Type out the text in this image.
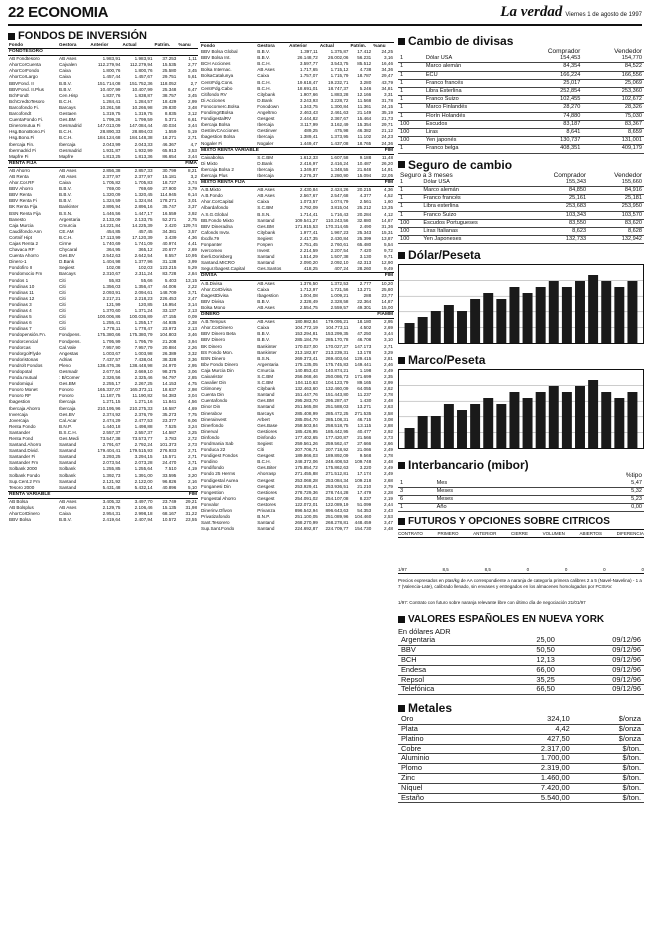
22 ECONOMIA	La verdad Viernes 1 de agosto de 1997
FONDOS DE INVERSIÓN
Fondo	Gestora	Anterior	Actual	Patrim.	%anu
FONDTESORO					
AB Fondtesoro	AB Ases	1.983,91	1.983,91	37.253	1,11
AhorCorCuenta	Cajvalen	112.279,94	112.279,94	15.535	2,77
AhorCorFondo	Caixa	1.800,76	1.800,76	25.580	3,45
AhorCorLargo	Caixa	1.457,44	1.457,67	29.751	5,61
BBVFond. II	B.B.V.	151.714,08	151.752,36	118.052	2,7
BBVFond. II.Plus	B.B.V.	10.407,99	10.407,99	25.348	6,47
BchFondt	Cen.Hisp	1.837,76	1.838,87	38.757	3,45
BchCredtoTesoro	B.C.H.	1.284,41	1.284,57	18.429	2,99
Barcofondo Fi.	Barcays	10.261,58	10.266,98	29.830	3,48
Barcofondt	Gestaen	1.319,75	1.319,75	8.835	3,12
CuentaFondo Fi.	Ges.BM	1.799,26	1.799,59	5.371	6,61
Dineromutua Fi	Gesmadrid	147.013,09	147.084,44	40.034	3,44
Hsg.BonoBono.Fi	B.C.H.	28.890,33	28.894,03	1.559	5,19
Hsg.Bono.Fi	B.C.H.	184.124,68	184.148,38	18.271	2,71
Ibercaja Fin.	Ibercaja	2.043,99	2.043,33	46.367	4,7
Ibermadrid Fi	Gesmadrid	1.931,87	1.932,99	65.913	3,53
Mapfre Fi	Mapfre	1.813,25	1.813,36	86.654	3,44
RENTA FIJA					FIMA
AB Ahorro	AB Ases	2.856,38	2.857,33	30.799	8,21
AB Renta	AB Ases	2.377,97	2.377,97	15.181	3,2
Ahor.Cor.RF	Caixa	1.705,82	1.705,83	18.727	3,74
BBV Ahorro	B.B.V.	769,00	769,69	27.900	3,79
BBV Renta	B.B.V.	1.320,09	1.320,45	114.945	6,14
BBV Renta Fi	B.B.V.	1.324,59	1.324,84	178.271	3,01
BK Renta Fija	Bankinter	2.895,94	2.896,16	35.747	3,37
BSN Renta Fija	B.S.N.	1.446,56	1.447,17	16.559	3,92
Banesto	Argentaria	2.133,09	2.133,75	52.271	2,75
Caja Murcia	Cmurcia	14.221,84	14.225,39	2.420	129,74
Caudifondo Ann	CE.AM	454,85	457,45	34.381	3,57
Cortnif Hipt	B.C.H.	17.113,99	17.120,39	3.439	4,36
Cajas Renta 2	Cirme	1.740,69	1.741,09	40.974	4,41
Chavaca RF	Chycaral	364,95	365,12	20.677	2,69
Cuenta Ahorro	Ges.BV	2.542,63	2.642,54	8.557	10,95
Dinero-1	D.Bank	1.404,98	1.377,96	31.138	3,99
Fondofiro II	Segiest	102,08	102,03	123.215	5,29
Fondomocio Fm	Barcays	2.310,67	2.311,24	83.728	2,84
Fondos 1	Citi	55,83	55,66	5.403	13,15
Fondinas 10	Citi	1.356,03	1.356,47	44.006	2,22
Fondinas 11	Citi	2.093,91	2.094,61	148.709	3,71
Fondinas 12	Citi	2.217,21	2.218,23	226.453	2,47
Fondinas 3	Citi	121,99	120,85	16.954	3,14
Fondinas 4	Citi	1.370,60	1.371,24	33.137	2,13
Fondinas 5	Citi	100.006,86	100.036,89	47.155	0,09
Fondinas 6	Citi	1.255,41	1.255,17	44.935	2,38
Fondinas 7	Citi	1.778,11	1.778,47	23.973	2,13
Fondopensión.Fn.	Fondpens.	175.380,66	175.380,79	104.803	3,46
Fondorcencial	Fondpens.	1.795,99	1.795,79	21.208	3,94
Fondorcas	Cal.Vale	7.957,90	7.957,79	20.884	2,26
FondorgolFlyde	Angestas	1.003,67	1.003,98	26.389	3,32
Fondoristonas	Adrias	7.437,57	7.438,04	38.328	3,36
Fondrolt Fondos	Pleno	138.476,36	138.448,98	24.970	2,95
Fondopotal	Gesmadr	2.677,54	2.669,10	98.375	3,06
Fonda.mutual	: B/Comer	2.326,56	2.325,46	94.797	2,85
Fondomiqui	Ges.BM	2.255,17	2.267,25	14.153	4,75
Fonoro Monet	Fonoro	165.337,07	165.373,11	18.637	2,98
Fonoro RF	Fonoro	11.187,75	11.190,82	54.383	3,04
Ibagestion	Ibercaja	1.271,15	1.271,16	11.841	4,56
Ibercaja Ahorro	Ibercaja	210.195,96	210.275,33	16.587	4,69
Invercaja	Ges.BV	2.374,92	2.376,79	35.273	7,75
Jovercaja	Cal.Acar	2.474,29	2.477,53	23.377	6,06
Renta Fondo	B.N.P.	1.440,18	1.498,88	7.525	3,24
Santander	B.S.C.H.	2.557,37	2.557,37	14.587	3,25
Renta Fond	Ges.Medi	73.547,38	73.573,77	3.783	2,72
Santand.Ahorro	Santand	2.791,67	2.792,24	101.373	2,73
Santand.Divid.	Santand	179.404,41	179.515,93	276.933	2,71
Santander Fi	Santand	3.293,25	3.294,15	15.571	2,71
Santander Fm	Santand	2.073,54	2.073,28	24.470	3,71
Solbank 2000	Solbank	1.255,85	1.255,64	7.510	4,19
Solbank Fondo	Solbank	1.392,73	1.391,00	33.595	3,20
Sup.Cent.2 Fm	Santand	2.121,92	2.122,00	96.826	2,16
Tesoro 2000	Santand	5.431,48	5.432,14	40.896	5,10
RENTA VARIABLE					FIM
AB Bolsa	AB Ases	3.405,32	3.497,70	23.749	29,21
AB Bolsplus	AB Ases	2.129,75	2.106,46	15.135	31,98
AhorCorDinero	Caixa	2.954,31	2.998,18	68.167	31,22
BBV Bolsa	B.B.V.	2.419,64	2.407,94	10.572	23,55
Fondo	Gestora	Anterior	Actual	Patrim.	%anu
BBV Bolsa Global	B.B.V.	1.397,11	1.375,87	17.412	24,25
BBV Bolsa Int.	B.B.V.	26.148,72	26.002,06	56.231	3,16
BCH Acciones	B.C.H.	3.597,77	3.543,75	85.512	16,46
Bolsa Internac.	AB Ases	1.717,65	1.715,12	4.738	34,36
BolsaCatalunya	Caixa	1.757,07	1.715,79	18.787	29,47
CentrFdg.Cons.	B.C.H.	19.618,47	19.232,71	3.280	43,79
CentrFdg.Cabo	B.C.H.	18.691,01	18.747,37	5.246	34,81
Citifondo RV	Citybank	1.907,66	1.883,28	12.166	3,31
Di Acciones	D.Bank	3.243,93	3.228,72	11.568	31,78
Fonocomerc.Bolsa	Fonodown	1.343,75	1.300,84	11.361	24,15
FondimgrtBolsa	Angeltmo	2.463,43	2.461,63	21.149	35,19
FondigestalRV	Gesgest	2.444,82	2.367,67	15.464	21,73
Ibercaja Bolsa	Ibercaja	3.117,99	3.162,49	15.354	29,71
GestinvCAcciones	Gestinver	489,25	475,98	46.382	21,12
Ibagestion Bolsa	Ibercaja	1.389,41	1.373,95	11.102	24,23
Nogaler Fi	Nogaler	1.449,47	1.437,08	18.765	24,36
MIXTO RENTA VARIABLE					FIM
Caixabolsa	S.C.BM	1.612,33	1.607,58	9.188	11,48
Di Mixto	D.Bank	2.416,97	2.416,24	10.487	26,20
Ibercaja Bolsa 2	Ibercaja	1.349,87	1.348,55	21.848	14,91
Ibercaja Plus	Ibercaja	2.276,37	2.280,90	15.094	22,05
MIXTO RENTA FIJA					FIM
A.B.Mixto	AB Ases	2.430,84	2.424,26	20.215	4,36
A.B.Fondo	AB Ases	2.567,67	2.547,68	4.377	4,52
Ahor.CorCapital	Caixa	1.073,57	1.074,79	2.561	1,60
Albardafondo	S.C.BM	3.792,09	3.815,04	25.212	13,35
A.S.G.Global	B.S.N.	1.714,41	1.716,43	20.284	4,12
BB.Fondo Mixto	Santand	109.541,27	110.243,56	32.880	14,87
BBV Dineradna	Ges.BM	171.915,53	170.314,65	2.490	31,36
Cafonds Invtv.	Citybank	1.977,41	1.967,23	25.343	15,31
Ibcdlv.79	Segiest	2.417,35	2.430,84	25.399	13,87
Fonpanter	Fonpen	2.751,45	2.760,61	65.480	5,54
Ivercomex	Invest	2.214,59	2.207,54	7.420	9,72
Iberli.Dorisberg	Santand	1.514,29	1.507,38	3.130	9,71
Santand.MICRO	Santand	2.090,20	2.092,10	42.313	12,90
Segur.Ibagest.Capital	Ges.Santos	418,25	407,24	28.260	9,49
DIVISA					FIM
A.B.Divisa	AB Ases	1.376,50	1.372,53	2.777	10,20
Ahor.CorDivisa	Caixa	1.712,97	1.721,56	13.271	25,80
IbagestDivisa	Ibagestion	1.004,08	1.009,21	288	23,77
BBV Divisa	B.B.V.	2.328,49	2.328,58	22.364	14,87
Bolsa Mono	AB Ases	2.554,75	2.559,57	49.301	15,00
DINERO					FIAMM
A.B.Tempus	AB Ases	180.982,84	179.095,21	18.180	2,95
Ahor.CorDinero	Caixa	104.772,19	104.773,11	4.502	2,69
BBV Dinero Beta	B.B.V.	153.294,81	153.299,35	47.250	3,44
BBV Dinero	B.B.V.	285.184,79	285.170,78	46.708	3,10
BK Dinero	Bankinter	170.027,00	170.027,27	147.173	2,71
BS Fondo Mon.	Bankinter	213.182,67	213.239,31	13.178	3,29
BSN Dinero	B.S.N.	269.373,41	269.403,64	129.415	2,81
Bbv Fondo Dinero	Argentaria	175.135,05	175.745,83	149.441	2,46
Caja Murcia Din	Cmurcia	140.853,43	140.874,21	1.198	2,49
Caixaristor	S.C.BM	256.068,46	250.086,73	171.699	2,35
Cavalier Din	S.C.BM	104.110,63	104.123,79	89.165	2,99
Citimoney	Citybank	132.463,60	132.460,09	64.055	2,62
Cuenta Din	Santand	151.447,76	151.443,80	11.237	2,78
Cuentafondo	Ges.BM	295.283,70	295.287,47	1.430	2,48
Dinor Din	Santand	251.565,08	251.588,03	13.271	2,63
Dinerabov	Barcays	285.408,99	285.472,25	271.535	2,58
Dinerainvest	Arbert	285.054,70	285.108,31	46.715	3,08
Dinerfondo	Ges.Base	258.503,84	258.518,75	13.115	2,88
Dinerval	Gestiores	185.426,95	185.442,95	40.477	2,92
Dinfondo	Dinfondo	177.402,65	177.420,87	21.566	2,73
Fondmania Sab	Segiest	259.561,26	259.562,47	27.666	2,66
Fonduca 22	Citi	207.706,71	207.718,92	21.066	2,49
Fondigest Fondos	Gesgest	189.866,03	189.892,09	9.568	2,78
Fondino	B.C.H.	248.372,06	248.408,53	109.748	2,48
Fondifondo	Ges.Biter	175.854,72	175.862,63	3.220	2,49
Fondo 25 Herms	Ahorrasp	271.455,88	271.512,81	17.174	2,49
Fondigestal Aurea	Gesgest	253.068,28	253.084,34	109.218	2,68
Fonganesi Din	Gesgest	253.929,41	253.936,51	21.210	2,79
Fongestion	Gestiores	278.729,36	278.744,28	17.479	2,28
Fongestal Ahorro	Gesgest	254.091,02	254.107,08	8.237	2,19
Fonvalor	Gestores	122.072,01	122.089,19	51.099	2,44
Dinerinv.Ofivon	Privanza	896.542,94	896.643,63	54.353	2,43
Privatizafondo	B.N.P.	251.100,05	251.089,96	104.460	2,53
Sant.Tesorero	Santand	268.270,99	268.278,81	448.459	3,47
Sup.Sant.Fondo	Santand	224.692,87	224.709,77	154.730	2,48
Cambio de divisas
		Comprador	Vendedor
1	Dólar USA	154,453	154,770
1	Marco alemán	84,354	84,522
1	ECU	166,224	166,556
1	Franco francés	25,017	25,069
1	Libra Esterlina	252,854	253,360
1	Franco Suizo	102,455	102,672
1	Marco Finlandés	28,270	28,326
1	Florín Holandés	74,880	75,030
100	Escudos	83,187	83,367
100	Liras	8,641	8,659
100	Yen japonés	130,737	131,001
1	Franco belga	408,351	409,179
Seguro de cambio
Seguro a 3 meses		Comprador	Vendedor
1	Dólar USA	155,343	155,660
1	Marco alemán	84,850	84,916
1	Franco francés	25,161	25,181
1	Libra esterlina	253,683	253,950
1	Franco Suizo	103,343	103,570
100	Escudos Portugueses	83,550	83,620
100	Liras Italianas	8,623	8,628
100	Yen Japoneses	132,733	132,942
Dólar/Peseta
Marco/Peseta
Interbancario (mibor)
		%tipo
1	Mes	5,47
3	Meses	5,32
6	Meses	5,23
1	Año	0,00
FUTUROS Y OPCIONES SOBRE CITRICOS
CONTRATO	PRIMERO	ANTERIOR	CIERRE	VOLUMEN	ABIERTOS	DIFERENCIA
1/97	8,5	8,5	0	0	0	0
Precios expresados en ptas/kg de AA correspondiente a naranja de categoría primera calibres 2 a 5 (Navel-Navelina) - 1 a 7 (Valencia-Late), calibrado llenado, sin envases y entregados en los almacenes homologados por FCISAV.
1/97: Contrato con futuro sobre naranja relevante libre con último día de negociación 21/01/97
VALORES ESPAÑOLES EN NUEVA YORK
En dólares ADR
Argentaria	25,00	09/12/96
BBV	50,50	09/12/96
BCH	12,13	09/12/96
Endesa	66,00	09/12/96
Repsol	35,25	09/12/96
Telefónica	66,50	09/12/96
Metales
Oro	324,10	$/onza
Plata	4,42	$/onza
Platino	427,50	$/onza
Cobre	2.317,00	$/ton.
Aluminio	1.700,00	$/ton.
Plomo	2.319,00	$/ton.
Zinc	1.460,00	$/ton.
Níquel	7.420,00	$/ton.
Estaño	5.540,00	$/ton.
